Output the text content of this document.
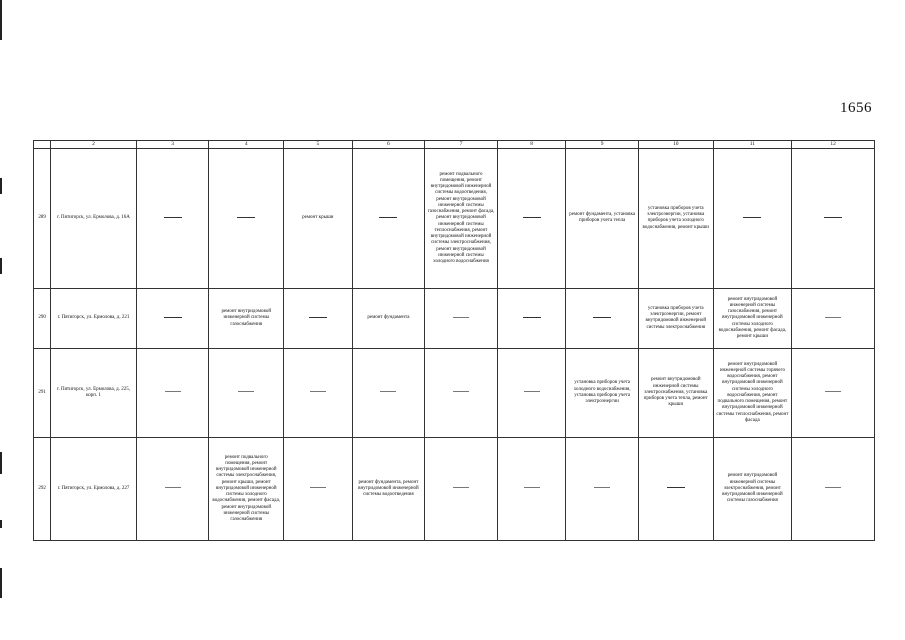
1656
	2	3	4	5	6	7	8	9	10	11	12
289	г. Пятигорск, ул. Ермолова, д. 16А			ремонт крыши		ремонт подвального помещения, ремонт внутридомовой инженерной системы водоотведения, ремонт внутридомовой инженерной системы газоснабжения, ремонт фасада, ремонт внутридомовой инженерной системы теплоснабжения, ремонт внутридомовой инженерной системы электроснабжения, ремонт внутридомовой инженерной системы холодного водоснабжения		ремонт фундамента, установка приборов учета тепла	установка приборов учета электроэнергии, установка приборов учета холодного водоснабжения, ремонт крыши		
290	г. Пятигорск, ул. Ермолова, д. 221		ремонт внутридомовой инженерной системы газоснабжения		ремонт фундамента				установка приборов учета электроэнергии, ремонт внутридомовой инженерной системы электроснабжения	ремонт внутридомовой инженерной системы газоснабжения, ремонт внутридомовой инженерной системы холодного водоснабжения, ремонт фасада, ремонт крыши	
291	г. Пятигорск, ул. Ермолова, д. 225, корп. 1							установка приборов учета холодного водоснабжения, установка приборов учета электроэнергии	ремонт внутридомовой инженерной системы электроснабжения, установка приборов учета тепла, ремонт крыши	ремонт внутридомовой инженерной системы горячего водоснабжения, ремонт внутридомовой инженерной системы холодного водоснабжения, ремонт подвального помещения, ремонт внутридомовой инженерной системы теплоснабжения, ремонт фасада	
292	г. Пятигорск, ул. Ермолова, д. 227		ремонт подвального помещения, ремонт внутридомовой инженерной системы электроснабжения, ремонт крыши, ремонт внутридомовой инженерной системы холодного водоснабжения, ремонт фасада, ремонт внутридомовой инженерной системы газоснабжения		ремонт фундамента, ремонт внутридомовой инженерной системы водоотведения					ремонт внутридомовой инженерной системы электроснабжения, ремонт внутридомовой инженерной системы газоснабжения	
